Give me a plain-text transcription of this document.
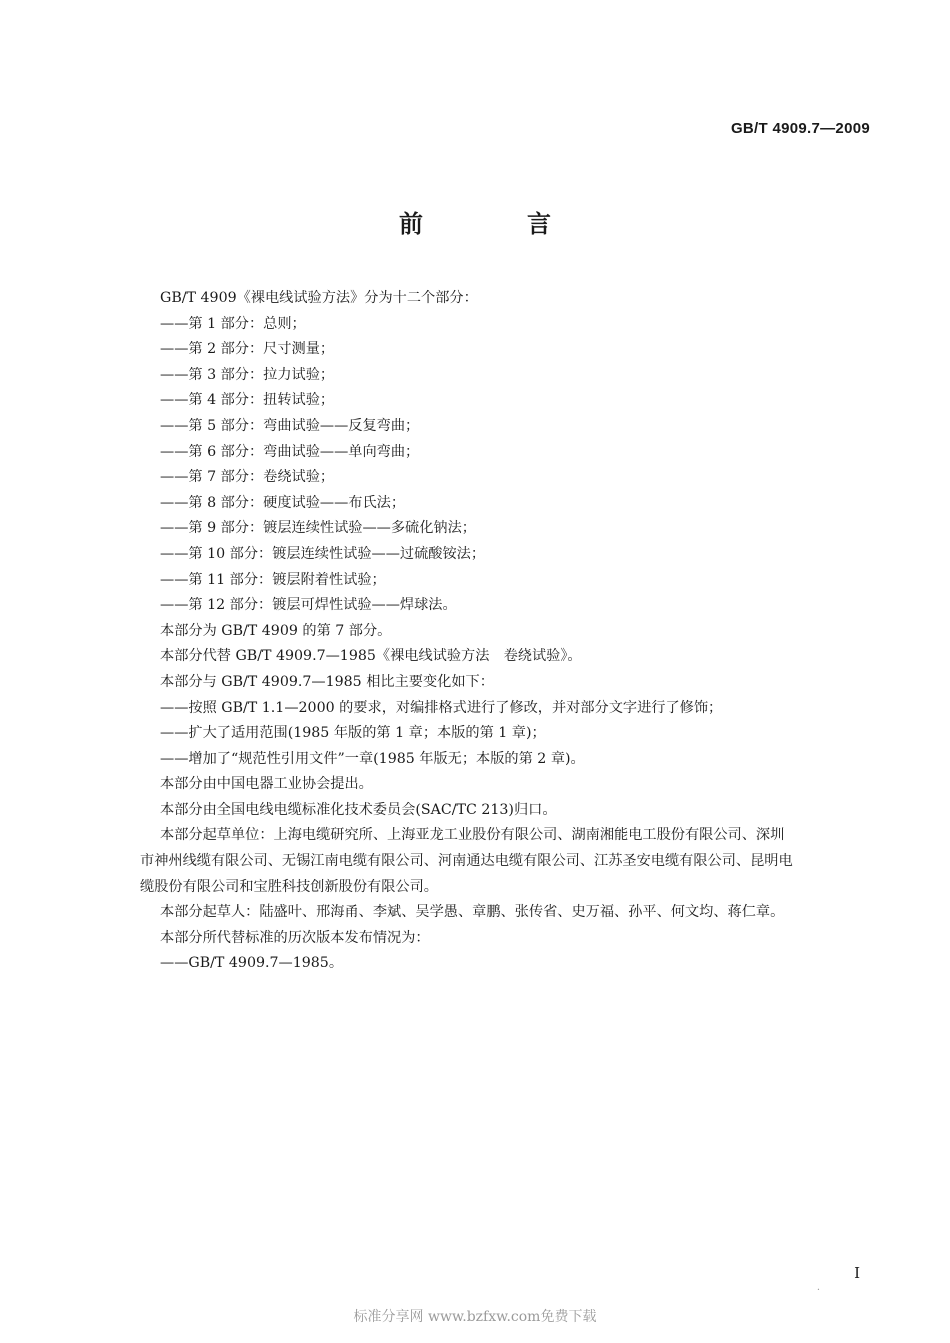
GB/T 4909.7—2009
前　言
GB/T 4909《裸电线试验方法》分为十二个部分：
——第 1 部分：总则；
——第 2 部分：尺寸测量；
——第 3 部分：拉力试验；
——第 4 部分：扭转试验；
——第 5 部分：弯曲试验——反复弯曲；
——第 6 部分：弯曲试验——单向弯曲；
——第 7 部分：卷绕试验；
——第 8 部分：硬度试验——布氏法；
——第 9 部分：镀层连续性试验——多硫化钠法；
——第 10 部分：镀层连续性试验——过硫酸铵法；
——第 11 部分：镀层附着性试验；
——第 12 部分：镀层可焊性试验——焊球法。
本部分为 GB/T 4909 的第 7 部分。
本部分代替 GB/T 4909.7—1985《裸电线试验方法　卷绕试验》。
本部分与 GB/T 4909.7—1985 相比主要变化如下：
——按照 GB/T 1.1—2000 的要求，对编排格式进行了修改，并对部分文字进行了修饰；
——扩大了适用范围(1985 年版的第 1 章；本版的第 1 章)；
——增加了“规范性引用文件”一章(1985 年版无；本版的第 2 章)。
本部分由中国电器工业协会提出。
本部分由全国电线电缆标准化技术委员会(SAC/TC 213)归口。
本部分起草单位：上海电缆研究所、上海亚龙工业股份有限公司、湖南湘能电工股份有限公司、深圳
市神州线缆有限公司、无锡江南电缆有限公司、河南通达电缆有限公司、江苏圣安电缆有限公司、昆明电
缆股份有限公司和宝胜科技创新股份有限公司。
本部分起草人：陆盛叶、邢海甬、李斌、吴学愚、章鹏、张传省、史万福、孙平、何文均、蒋仁章。
本部分所代替标准的历次版本发布情况为：
——GB/T 4909.7—1985。
I
·
标准分享网 www.bzfxw.com免费下载
